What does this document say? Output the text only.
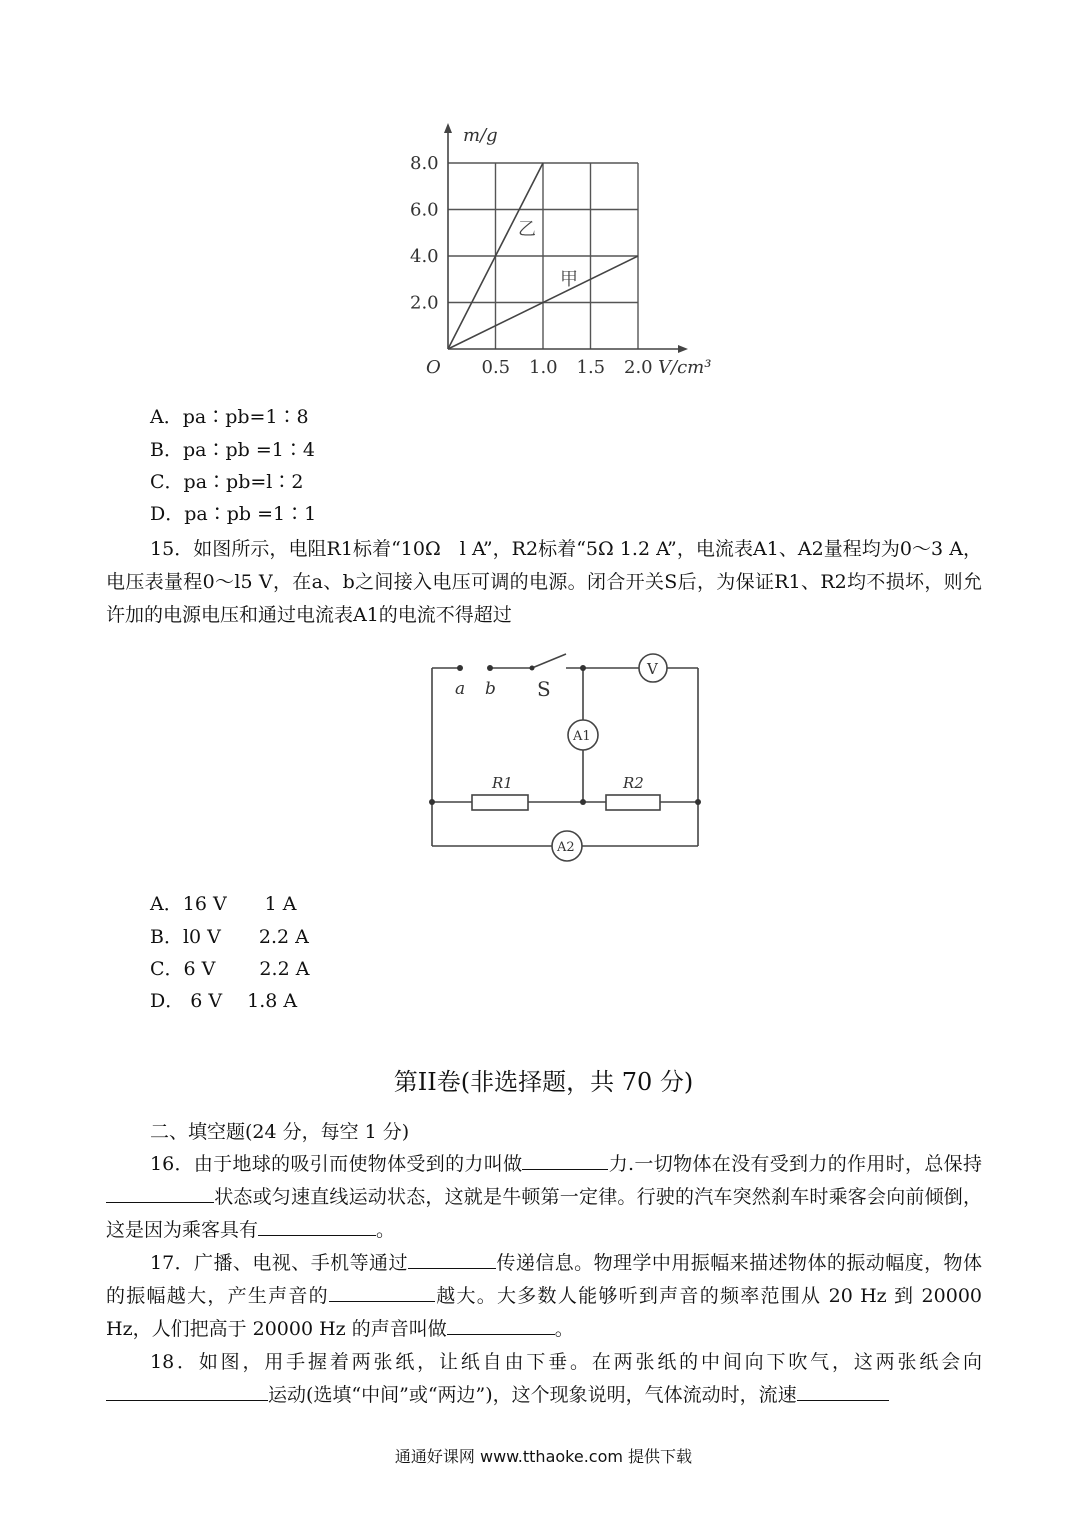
乙
甲
0.5 1.0 1.5 2.0
2.0
4.0
6.0
8.0
O
m/g
V/cm³
A．pa∶pb=1∶8
B．pa∶pb =1∶4
C．pa∶pb=l∶2
D．pa∶pb =1∶1
15．如图所示，电阻R1标着“10Ω　l A”，R2标着“5Ω 1.2 A”，电流表A1、A2量程均为0～3 A，电压表量程0～l5 V，在a、b之间接入电压可调的电源。闭合开关S后，为保证R1、R2均不损坏，则允许加的电源电压和通过电流表A1的电流不得超过
a b S
V
A1
A2
R1	R2
A．16 V　　1 A
B．l0 V　　2.2 A
C．6 V　　 2.2 A
D． 6 V　 1.8 A
第II卷(非选择题，共 70 分)
二、填空题(24 分，每空 1 分)
16．由于地球的吸引而使物体受到的力叫做	力.一切物体在没有受到力的作用时，总保持状态或匀速直线运动状态，这就是牛顿第一定律。行驶的汽车突然刹车时乘客会向前倾倒，这是因为乘客具有	。
17．广播、电视、手机等通过	传递信息。物理学中用振幅来描述物体的振动幅度，物体的振幅越大，产生声音的	越大。大多数人能够听到声音的频率范围从 20 Hz 到 20000 Hz，人们把高于 20000 Hz 的声音叫做	。
18．如图，用手握着两张纸，让纸自由下垂。在两张纸的中间向下吹气，这两张纸会向运动(选填“中间”或“两边”)，这个现象说明，气体流动时，流速
通通好课网 www.tthaoke.com 提供下载
